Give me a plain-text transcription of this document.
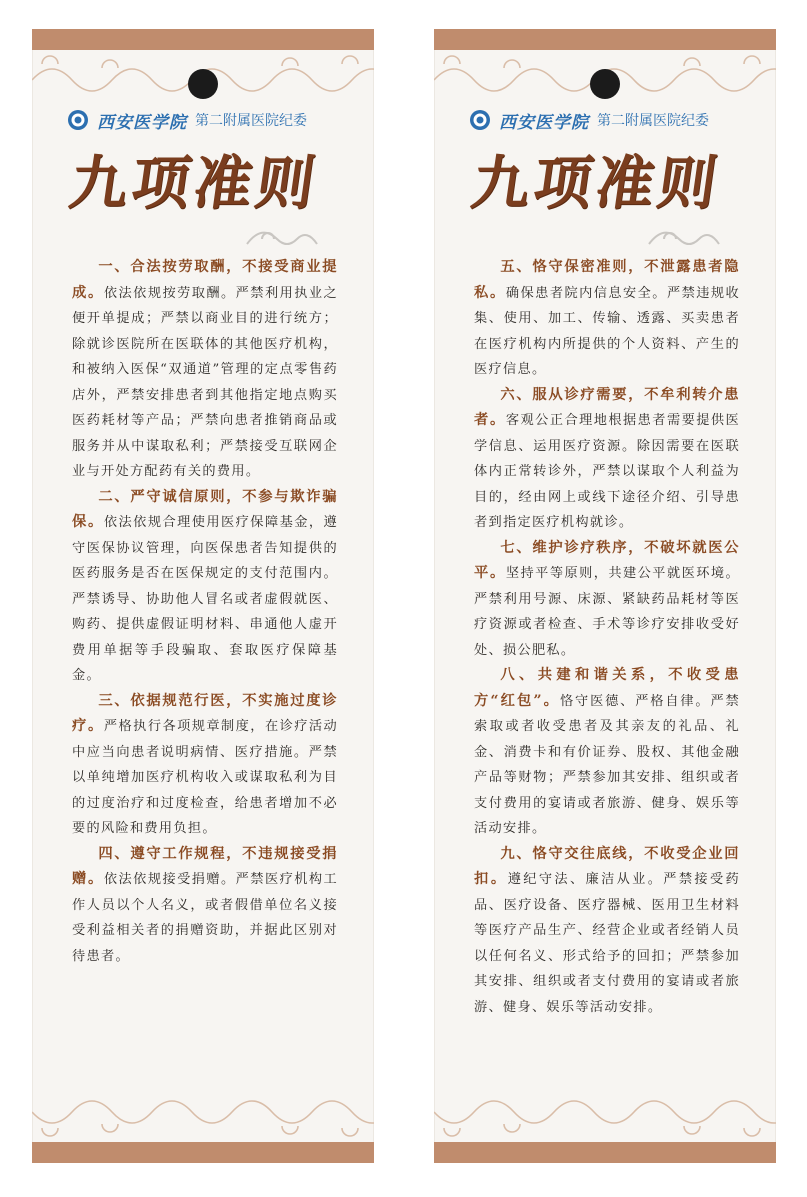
西安医学院 第二附属医院纪委
九项准则

一、合法按劳取酬，不接受商业提成。依法依规按劳取酬。严禁利用执业之便开单提成；严禁以商业目的进行统方；除就诊医院所在医联体的其他医疗机构，和被纳入医保“双通道”管理的定点零售药店外，严禁安排患者到其他指定地点购买医药耗材等产品；严禁向患者推销商品或服务并从中谋取私利；严禁接受互联网企业与开处方配药有关的费用。

二、严守诚信原则，不参与欺诈骗保。依法依规合理使用医疗保障基金，遵守医保协议管理，向医保患者告知提供的医药服务是否在医保规定的支付范围内。严禁诱导、协助他人冒名或者虚假就医、购药、提供虚假证明材料、串通他人虚开费用单据等手段骗取、套取医疗保障基金。

三、依据规范行医，不实施过度诊疗。严格执行各项规章制度，在诊疗活动中应当向患者说明病情、医疗措施。严禁以单纯增加医疗机构收入或谋取私利为目的过度治疗和过度检查，给患者增加不必要的风险和费用负担。

四、遵守工作规程，不违规接受捐赠。依法依规接受捐赠。严禁医疗机构工作人员以个人名义，或者假借单位名义接受利益相关者的捐赠资助，并据此区别对待患者。

西安医学院 第二附属医院纪委
九项准则

五、恪守保密准则，不泄露患者隐私。确保患者院内信息安全。严禁违规收集、使用、加工、传输、透露、买卖患者在医疗机构内所提供的个人资料、产生的医疗信息。

六、服从诊疗需要，不牟利转介患者。客观公正合理地根据患者需要提供医学信息、运用医疗资源。除因需要在医联体内正常转诊外，严禁以谋取个人利益为目的，经由网上或线下途径介绍、引导患者到指定医疗机构就诊。

七、维护诊疗秩序，不破坏就医公平。坚持平等原则，共建公平就医环境。严禁利用号源、床源、紧缺药品耗材等医疗资源或者检查、手术等诊疗安排收受好处、损公肥私。

八、共建和谐关系，不收受患方“红包”。恪守医德、严格自律。严禁索取或者收受患者及其亲友的礼品、礼金、消费卡和有价证券、股权、其他金融产品等财物；严禁参加其安排、组织或者支付费用的宴请或者旅游、健身、娱乐等活动安排。

九、恪守交往底线，不收受企业回扣。遵纪守法、廉洁从业。严禁接受药品、医疗设备、医疗器械、医用卫生材料等医疗产品生产、经营企业或者经销人员以任何名义、形式给予的回扣；严禁参加其安排、组织或者支付费用的宴请或者旅游、健身、娱乐等活动安排。
